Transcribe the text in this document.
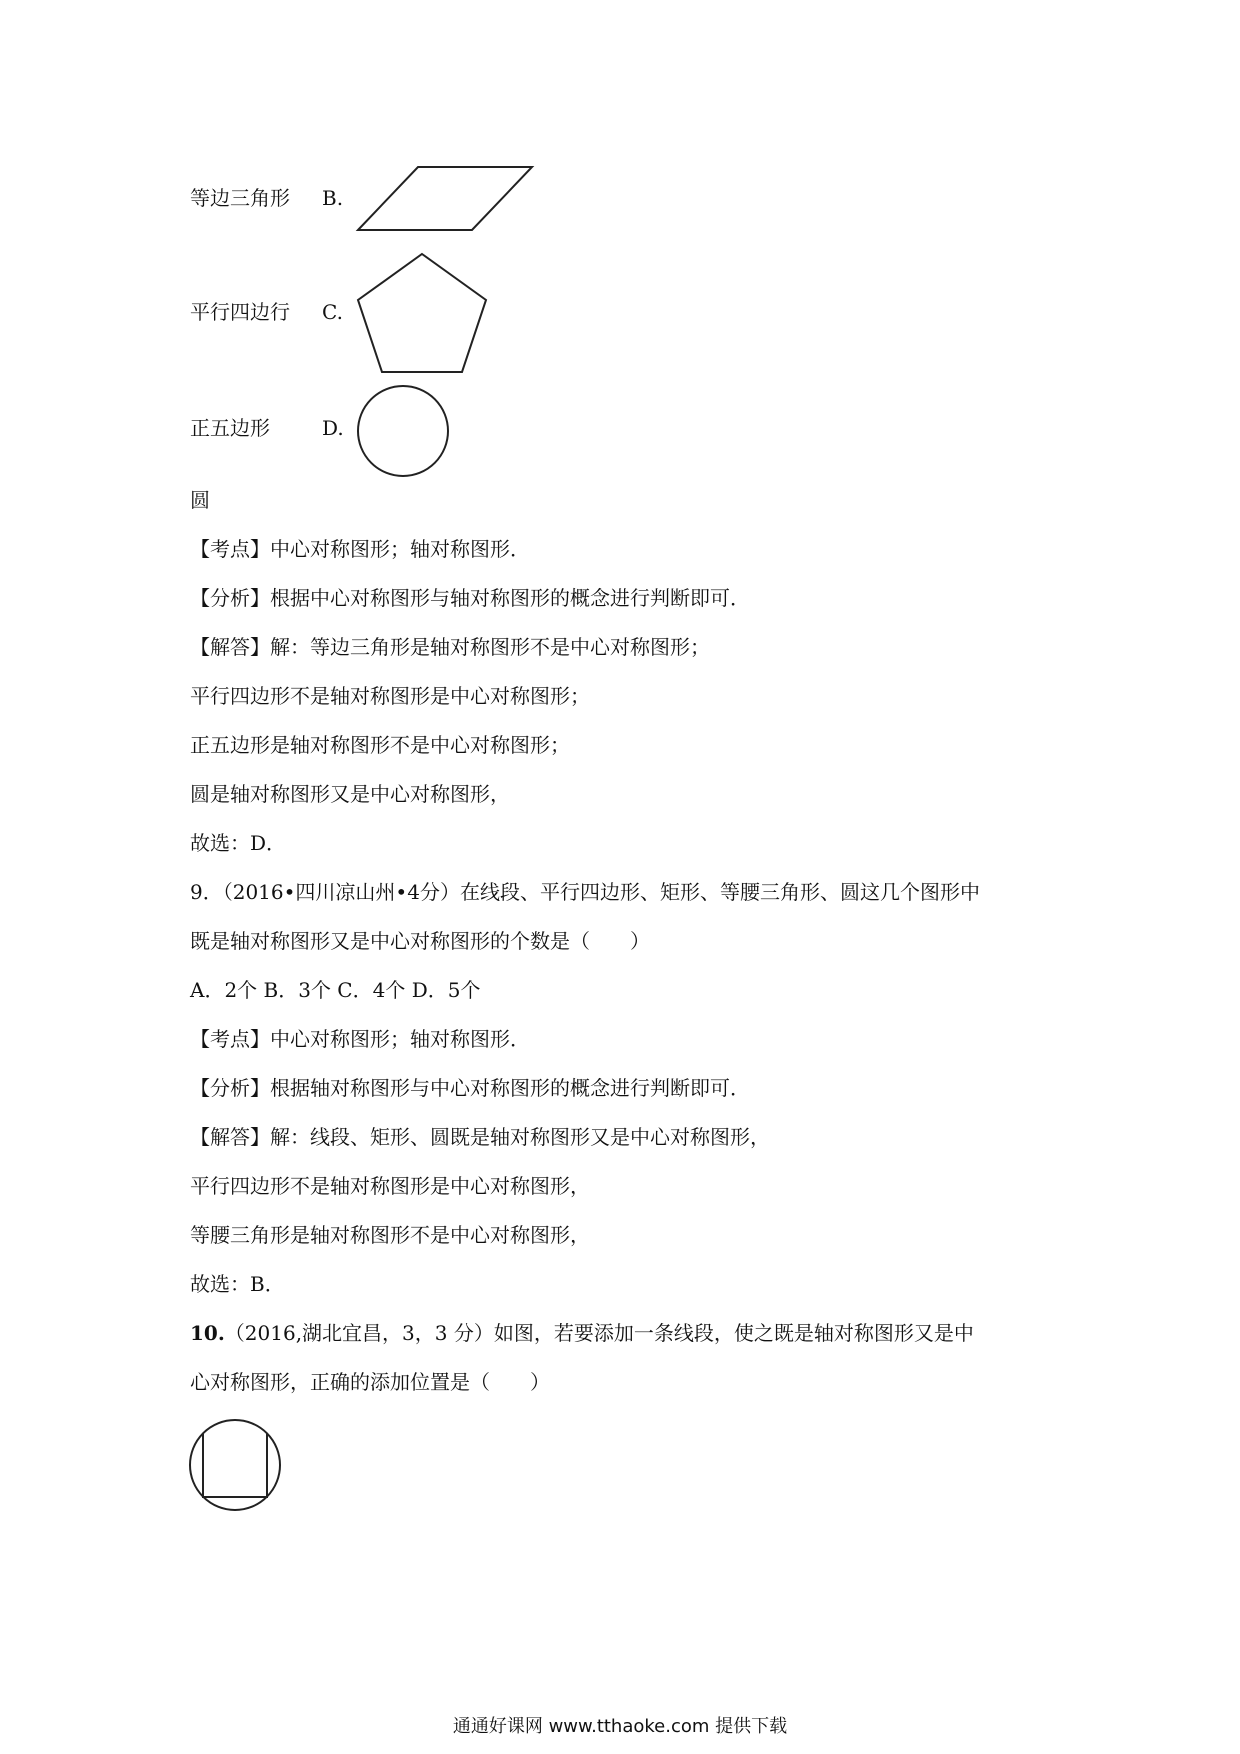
等边三角形 B.
平行四边行 C.
正五边形	D.
圆
【考点】中心对称图形；轴对称图形．
【分析】根据中心对称图形与轴对称图形的概念进行判断即可．
【解答】解：等边三角形是轴对称图形不是中心对称图形；
平行四边形不是轴对称图形是中心对称图形；
正五边形是轴对称图形不是中心对称图形；
圆是轴对称图形又是中心对称图形，
故选：D．
9．（2016•四川凉山州•4分）在线段、平行四边形、矩形、等腰三角形、圆这几个图形中
既是轴对称图形又是中心对称图形的个数是（　　）
A．2个 B．3个 C．4个 D．5个
【考点】中心对称图形；轴对称图形．
【分析】根据轴对称图形与中心对称图形的概念进行判断即可．
【解答】解：线段、矩形、圆既是轴对称图形又是中心对称图形，
平行四边形不是轴对称图形是中心对称图形，
等腰三角形是轴对称图形不是中心对称图形，
故选：B．
10.（2016,湖北宜昌，3，3 分）如图，若要添加一条线段，使之既是轴对称图形又是中
心对称图形，正确的添加位置是（　　）
通通好课网 www.tthaoke.com 提供下载
